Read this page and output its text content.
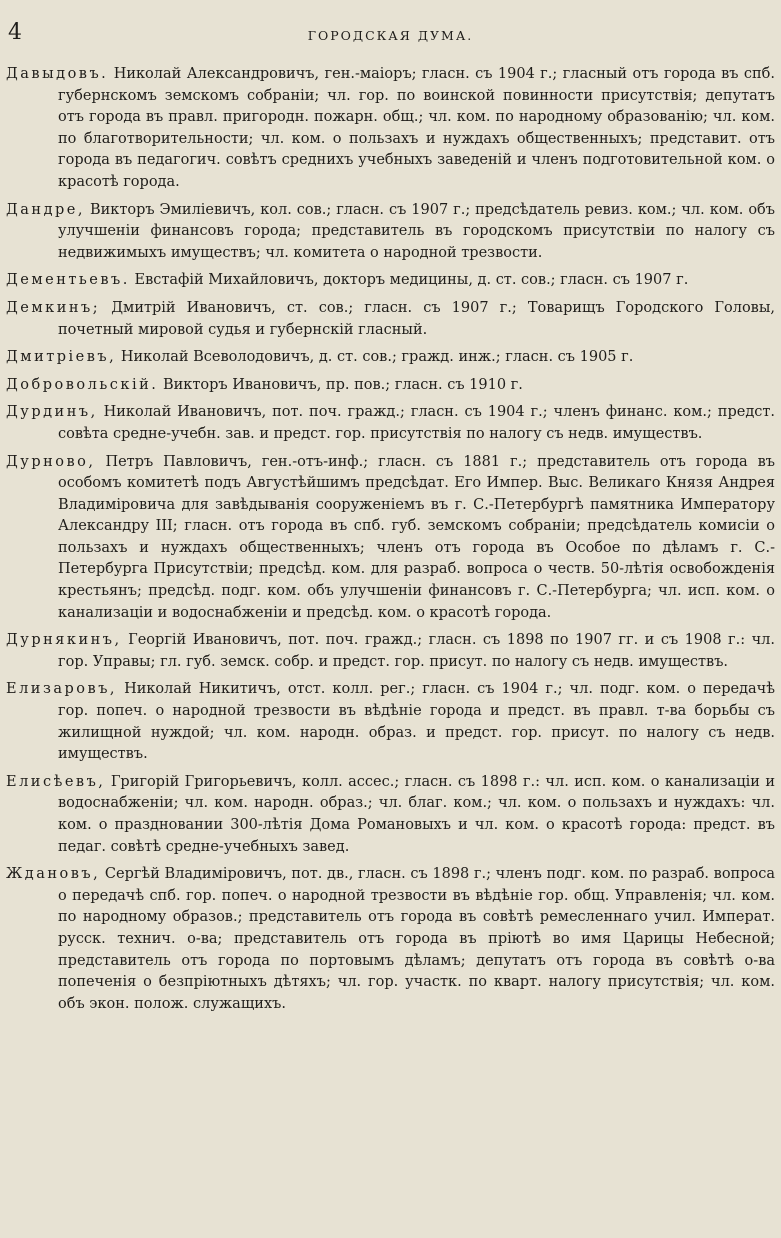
4	ГОРОДСКАЯ ДУМА.

Давыдовъ. Николай Александровичъ, ген.-маіоръ; гласн. съ 1904 г.; гласный отъ города въ спб. губернскомъ земскомъ собраніи; чл. гор. по воинской повинности присутствія; депутатъ отъ города въ правл. пригородн. пожарн. общ.; чл. ком. по народному образованію; чл. ком. по благотворительности; чл. ком. о пользахъ и нуждахъ общественныхъ; представит. отъ города въ педагогич. совѣтъ среднихъ учебныхъ заведеній и членъ подготовительной ком. о красотѣ города.

Дандре, Викторъ Эмиліевичъ, кол. сов.; гласн. съ 1907 г.; предсѣдатель ревиз. ком.; чл. ком. объ улучшеніи финансовъ города; представитель въ городскомъ присутствіи по налогу съ недвижимыхъ имуществъ; чл. комитета о народной трезвости.

Дементьевъ. Евстафій Михайловичъ, докторъ медицины, д. ст. сов.; гласн. съ 1907 г.

Демкинъ; Дмитрій Ивановичъ, ст. сов.; гласн. съ 1907 г.; Товарищъ Городского Головы, почетный мировой судья и губернскій гласный.

Дмитріевъ, Николай Всеволодовичъ, д. ст. сов.; гражд. инж.; гласн. съ 1905 г.

Добровольскій. Викторъ Ивановичъ, пр. пов.; гласн. съ 1910 г.

Дурдинъ, Николай Ивановичъ, пот. поч. гражд.; гласн. съ 1904 г.; членъ финанс. ком.; предст. совѣта средне-учебн. зав. и предст. гор. присутствія по налогу съ недв. имуществъ.

Дурново, Петръ Павловичъ, ген.-отъ-инф.; гласн. съ 1881 г.; представитель отъ города въ особомъ комитетѣ подъ Августѣйшимъ предсѣдат. Его Импер. Выс. Великаго Князя Андрея Владиміровича для завѣдыванія сооруженіемъ въ г. С.-Петербургѣ памятника Императору Александру III; гласн. отъ города въ спб. губ. земскомъ собраніи; предсѣдатель комисіи о пользахъ и нуждахъ общественныхъ; членъ отъ города въ Особое по дѣламъ г. С.-Петербурга Присутствіи; предсѣд. ком. для разраб. вопроса о честв. 50-лѣтія освобожденія крестьянъ; предсѣд. подг. ком. объ улучшеніи финансовъ г. С.-Петербурга; чл. исп. ком. о канализаціи и водоснабженіи и предсѣд. ком. о красотѣ города.

Дурнякинъ, Георгій Ивановичъ, пот. поч. гражд.; гласн. съ 1898 по 1907 гг. и съ 1908 г.: чл. гор. Управы; гл. губ. земск. собр. и предст. гор. присут. по налогу съ недв. имуществъ.

Елизаровъ, Николай Никитичъ, отст. колл. рег.; гласн. съ 1904 г.; чл. подг. ком. о передачѣ гор. попеч. о народной трезвости въ вѣдѣніе города и предст. въ правл. т-ва борьбы съ жилищной нуждой; чл. ком. народн. образ. и предст. гор. присут. по налогу съ недв. имуществъ.

Елисѣевъ, Григорій Григорьевичъ, колл. ассес.; гласн. съ 1898 г.: чл. исп. ком. о канализаціи и водоснабженіи; чл. ком. народн. образ.; чл. благ. ком.; чл. ком. о пользахъ и нуждахъ: чл. ком. о праздновании 300-лѣтія Дома Романовыхъ и чл. ком. о красотѣ города: предст. въ педаг. совѣтѣ средне-учебныхъ завед.

Ждановъ, Сергѣй Владиміровичъ, пот. дв., гласн. съ 1898 г.; членъ подг. ком. по разраб. вопроса о передачѣ спб. гор. попеч. о народной трезвости въ вѣдѣніе гор. общ. Управленія; чл. ком. по народному образов.; представитель отъ города въ совѣтѣ ремесленнаго учил. Императ. русск. технич. о-ва; представитель отъ города въ пріютѣ во имя Царицы Небесной; представитель отъ города по портовымъ дѣламъ; депутатъ отъ города въ совѣтѣ о-ва попеченія о безпріютныхъ дѣтяхъ; чл. гор. участк. по кварт. налогу присутствія; чл. ком. объ экон. полож. служащихъ.
